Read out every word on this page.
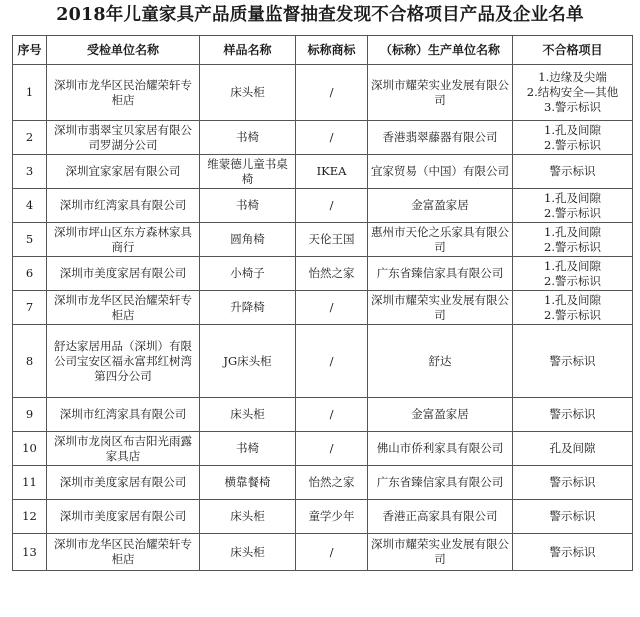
2018年儿童家具产品质量监督抽查发现不合格项目产品及企业名单
序号	受检单位名称	样品名称	标称商标	（标称）生产单位名称	不合格项目
1	深圳市龙华区民治耀荣轩专柜店	床头柜	/	深圳市耀荣实业发展有限公司	1.边缘及尖端
2.结构安全—其他
3.警示标识

2	深圳市翡翠宝贝家居有限公司罗湖分公司	书椅	/	香港翡翠藤器有限公司	1.孔及间隙
2.警示标识

3	深圳宜家家居有限公司	维蒙德儿童书桌椅	IKEA	宜家贸易（中国）有限公司	警示标识

4	深圳市红湾家具有限公司	书椅	/	金富盈家居	1.孔及间隙
2.警示标识

5	深圳市坪山区东方森林家具商行	圆角椅	天伦王国	惠州市天伦之乐家具有限公司	1.孔及间隙
2.警示标识

6	深圳市美度家居有限公司	小椅子	怡然之家	广东省臻信家具有限公司	1.孔及间隙
2.警示标识

7	深圳市龙华区民治耀荣轩专柜店	升降椅	/	深圳市耀荣实业发展有限公司	1.孔及间隙
2.警示标识

8	舒达家居用品（深圳）有限公司宝安区福永富邦红树湾第四分公司	JG床头柜	/	舒达	警示标识

9	深圳市红湾家具有限公司	床头柜	/	金富盈家居	警示标识

10	深圳市龙岗区布吉阳光雨露家具店	书椅	/	佛山市侨利家具有限公司	孔及间隙

11	深圳市美度家居有限公司	横靠餐椅	怡然之家	广东省臻信家具有限公司	警示标识

12	深圳市美度家居有限公司	床头柜	童学少年	香港正高家具有限公司	警示标识

13	深圳市龙华区民治耀荣轩专柜店	床头柜	/	深圳市耀荣实业发展有限公司	警示标识
